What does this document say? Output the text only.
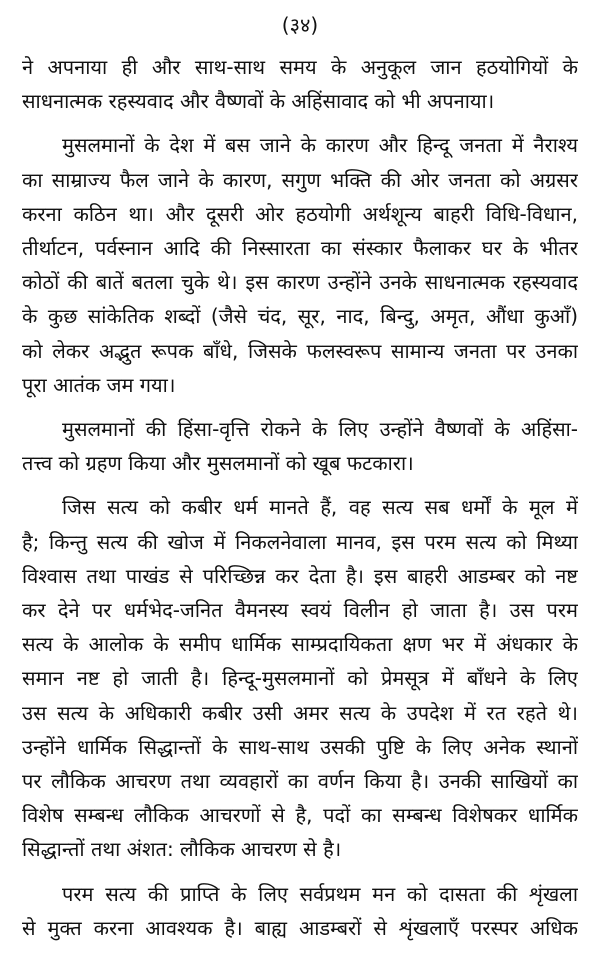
(३४)
ने अपनाया ही और साथ-साथ समय के अनुकूल जान हठयोगियों के
साधनात्मक रहस्यवाद और वैष्णवों के अहिंसावाद को भी अपनाया।
मुसलमानों के देश में बस जाने के कारण और हिन्दू जनता में नैराश्य
का साम्राज्य फैल जाने के कारण, सगुण भक्ति की ओर जनता को अग्रसर
करना कठिन था। और दूसरी ओर हठयोगी अर्थशून्य बाहरी विधि-विधान,
तीर्थाटन, पर्वस्नान आदि की निस्सारता का संस्कार फैलाकर घर के भीतर
कोठों की बातें बतला चुके थे। इस कारण उन्होंने उनके साधनात्मक रहस्यवाद
के कुछ सांकेतिक शब्दों (जैसे चंद, सूर, नाद, बिन्दु, अमृत, औंधा कुआँ)
को लेकर अद्भुत रूपक बाँधे, जिसके फलस्वरूप सामान्य जनता पर उनका
पूरा आतंक जम गया।
मुसलमानों की हिंसा-वृत्ति रोकने के लिए उन्होंने वैष्णवों के अहिंसा-
तत्त्व को ग्रहण किया और मुसलमानों को खूब फटकारा।
जिस सत्य को कबीर धर्म मानते हैं, वह सत्य सब धर्मों के मूल में
है; किन्तु सत्य की खोज में निकलनेवाला मानव, इस परम सत्य को मिथ्या
विश्वास तथा पाखंड से परिच्छिन्न कर देता है। इस बाहरी आडम्बर को नष्ट
कर देने पर धर्मभेद-जनित वैमनस्य स्वयं विलीन हो जाता है। उस परम
सत्य के आलोक के समीप धार्मिक साम्प्रदायिकता क्षण भर में अंधकार के
समान नष्ट हो जाती है। हिन्दू-मुसलमानों को प्रेमसूत्र में बाँधने के लिए
उस सत्य के अधिकारी कबीर उसी अमर सत्य के उपदेश में रत रहते थे।
उन्होंने धार्मिक सिद्धान्तों के साथ-साथ उसकी पुष्टि के लिए अनेक स्थानों
पर लौकिक आचरण तथा व्यवहारों का वर्णन किया है। उनकी साखियों का
विशेष सम्बन्ध लौकिक आचरणों से है, पदों का सम्बन्ध विशेषकर धार्मिक
सिद्धान्तों तथा अंशत: लौकिक आचरण से है।
परम सत्य की प्राप्ति के लिए सर्वप्रथम मन को दासता की शृंखला
से मुक्त करना आवश्यक है। बाह्य आडम्बरों से शृंखलाएँ परस्पर अधिक
